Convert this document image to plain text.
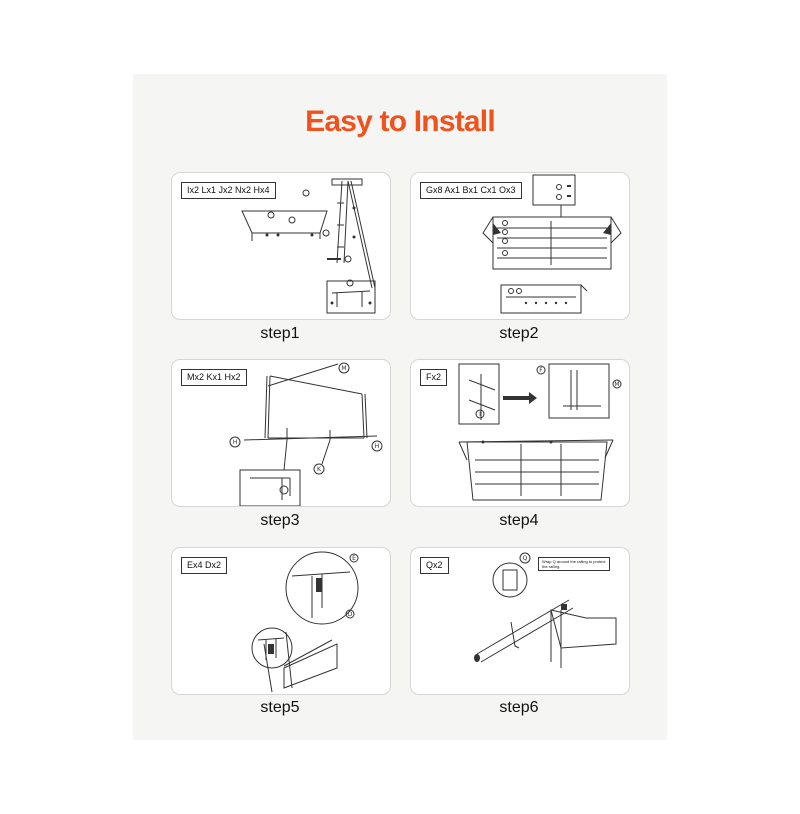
Easy to Install
Ix2 Lx1 Jx2 Nx2 Hx4
step1
Gx8 Ax1 Bx1 Cx1 Ox3
step2
M
H
H
K
Mx2 Kx1 Hx2
step3
F
M
I
Fx2
step4
E
D
Ex4 Dx2
step5
Q
Qx2	Wrap Q around the railing to protect the railing.
step6
